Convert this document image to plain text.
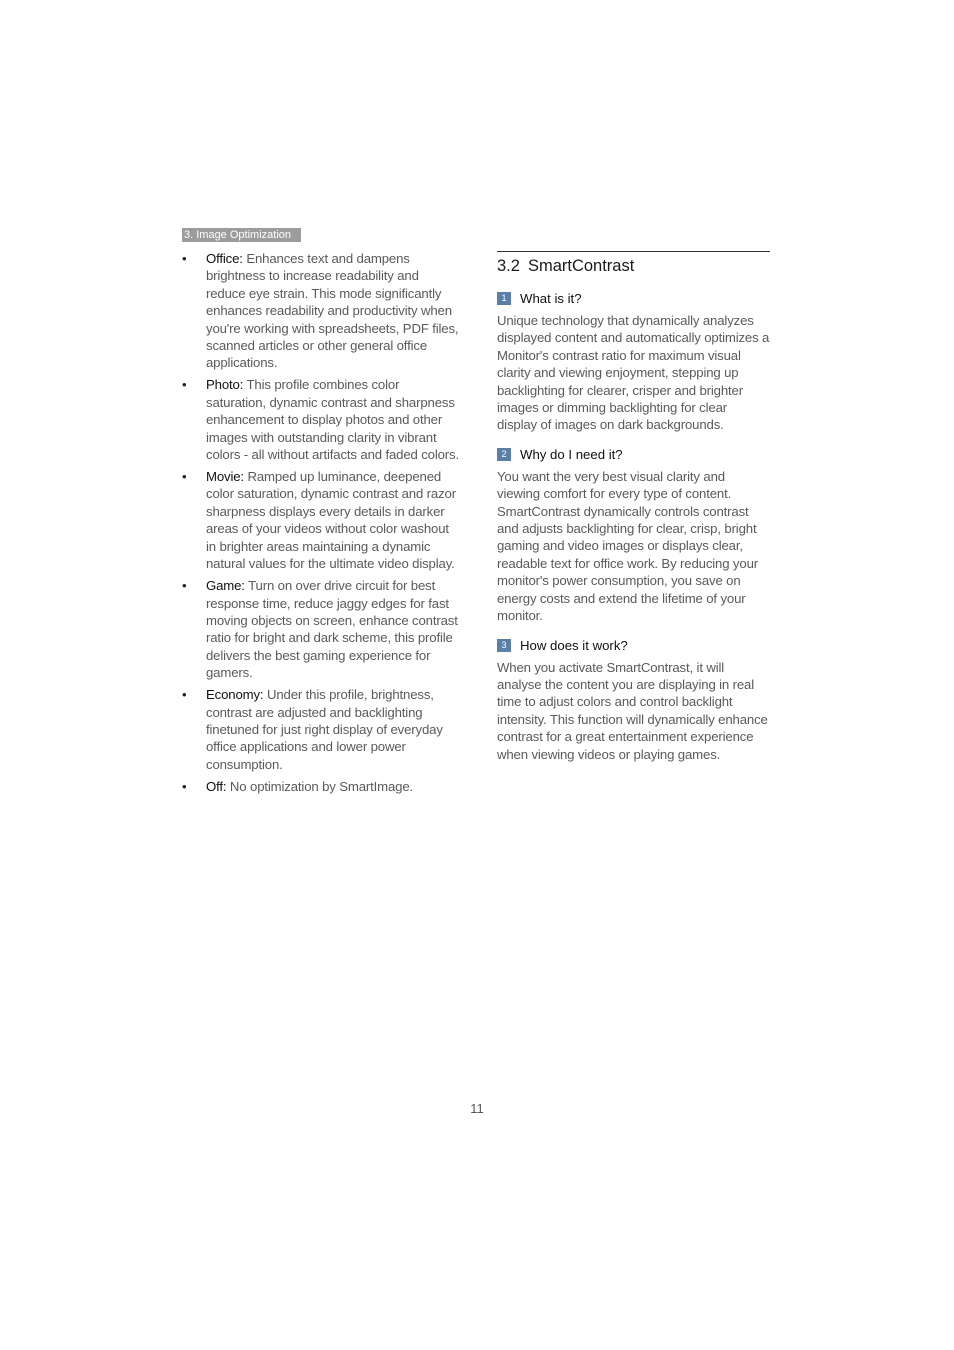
3. Image Optimization
• Office: Enhances text and dampens brightness to increase readability and reduce eye strain. This mode significantly enhances readability and productivity when you're working with spreadsheets, PDF files, scanned articles or other general office applications.
• Photo: This profile combines color saturation, dynamic contrast and sharpness enhancement to display photos and other images with outstanding clarity in vibrant colors - all without artifacts and faded colors.
• Movie: Ramped up luminance, deepened color saturation, dynamic contrast and razor sharpness displays every details in darker areas of your videos without color washout in brighter areas maintaining a dynamic natural values for the ultimate video display.
• Game: Turn on over drive circuit for best response time, reduce jaggy edges for fast moving objects on screen, enhance contrast ratio for bright and dark scheme, this profile delivers the best gaming experience for gamers.
• Economy: Under this profile, brightness, contrast are adjusted and backlighting finetuned for just right display of everyday office applications and lower power consumption.
• Off: No optimization by SmartImage.
3.2 SmartContrast
1	What is it?

Unique technology that dynamically analyzes displayed content and automatically optimizes a Monitor's contrast ratio for maximum visual clarity and viewing enjoyment, stepping up backlighting for clearer, crisper and brighter images or dimming backlighting for clear display of images on dark backgrounds.

2	Why do I need it?

You want the very best visual clarity and viewing comfort for every type of content. SmartContrast dynamically controls contrast and adjusts backlighting for clear, crisp, bright gaming and video images or displays clear, readable text for office work. By reducing your monitor's power consumption, you save on energy costs and extend the lifetime of your monitor.

3	How does it work?

When you activate SmartContrast, it will analyse the content you are displaying in real time to adjust colors and control backlight intensity. This function will dynamically enhance contrast for a great entertainment experience when viewing videos or playing games.

11
